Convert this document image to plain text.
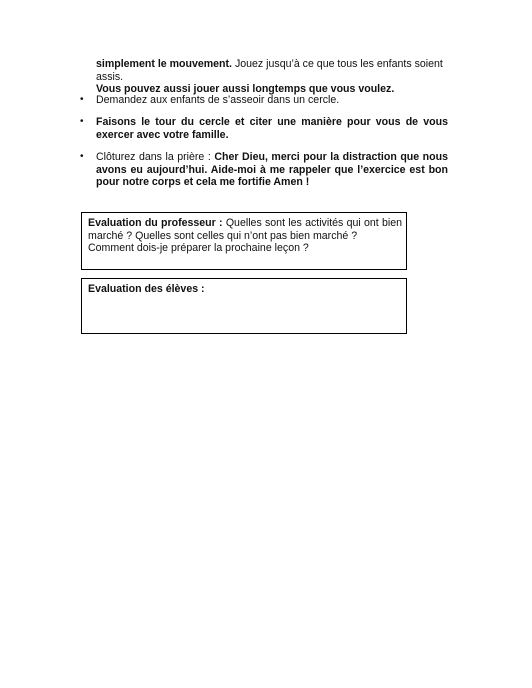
simplement le mouvement. Jouez jusqu’à ce que tous les enfants soient assis.
Vous pouvez aussi jouer aussi longtemps que vous voulez.

•	Demandez aux enfants de s’asseoir dans un cercle.

•	Faisons le tour du cercle et citer une manière pour vous de vous exercer avec votre famille.

•	Clôturez dans la prière : Cher Dieu, merci pour la distraction que nous avons eu aujourd’hui. Aide-moi à me rappeler que l’exercice est bon pour notre corps et cela me fortifie Amen !

Evaluation du professeur : Quelles sont les activités qui ont bien marché ? Quelles sont celles qui n’ont pas bien marché ?
Comment dois-je préparer la prochaine leçon ?
Evaluation des élèves :
